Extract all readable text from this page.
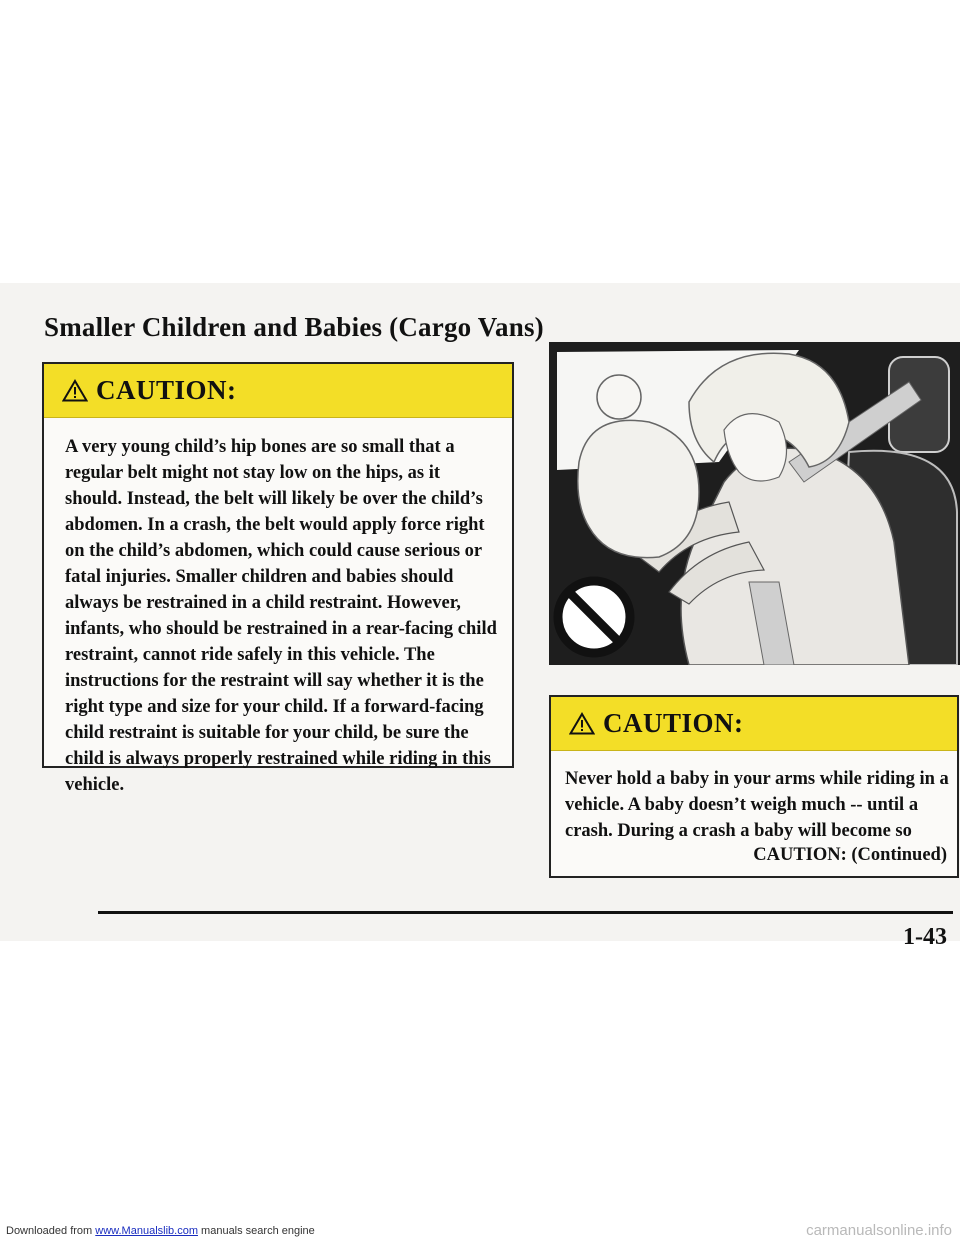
Smaller Children and Babies (Cargo Vans)
CAUTION:

A very young child’s hip bones are so small that a regular belt might not stay low on the hips, as it should. Instead, the belt will likely be over the child’s abdomen. In a crash, the belt would apply force right on the child’s abdomen, which could cause serious or fatal injuries. Smaller children and babies should always be restrained in a child restraint. However, infants, who should be restrained in a rear-facing child restraint, cannot ride safely in this vehicle. The instructions for the restraint will say whether it is the right type and size for your child. If a forward-facing child restraint is suitable for your child, be sure the child is always properly restrained while riding in this vehicle.

CAUTION:

Never hold a baby in your arms while riding in a vehicle. A baby doesn’t weigh much -- until a crash. During a crash a baby will become so

CAUTION: (Continued)
1-43
Downloaded from www.Manualslib.com manuals search engine	carmanualsonline.info
